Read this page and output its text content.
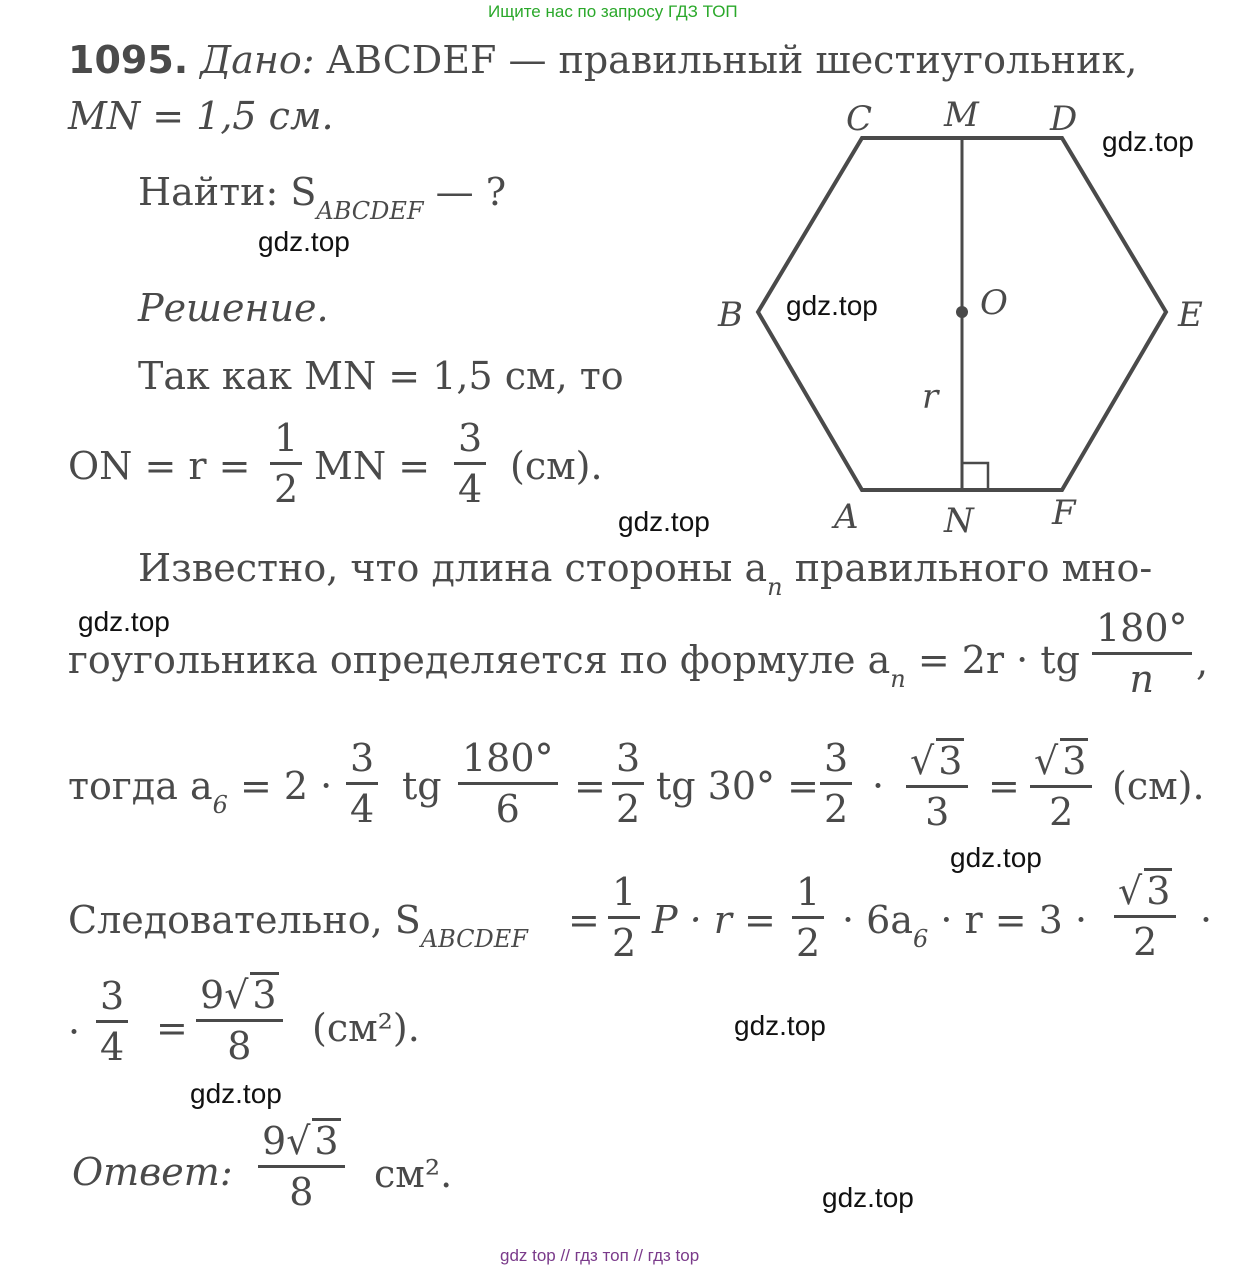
Ищите нас по запросу ГДЗ ТОП
1095. Дано: ABCDEF — правильный шестиугольник,
MN = 1,5 см.
Найти: $S_{ABCDEF}$ — ?
Решение.
Так как MN = 1,5 см, то
ON = r =
1
2
MN =
3
4
(см).
C M D
B	O	E
r
A	N F
Известно, что длина стороны $a_n$ правильного мно-
гоугольника определяется по формуле $a_n = 2r$ · tg
180°
n ,
тогда $a_6 = 2$ ·
3
4
tg
180°
6
=
3
2
tg 30° =
3
2
·
√ 3
3
=
√ 3
2
(см).
Следовательно, $S_{ABCDEF}$ =
1
2
P · r =
1
2
· $6a_6 \cdot r = 3$ ·
√ 3
2 ·
·
3
4 =
9√ 3
8 (см²).
Ответ:
9√ 3
8 см².
gdz.top
gdz.top
gdz.top
gdz.top
gdz.top
gdz.top
gdz.top
gdz.top
gdz.top
gdz top // гдз топ // гдз top
